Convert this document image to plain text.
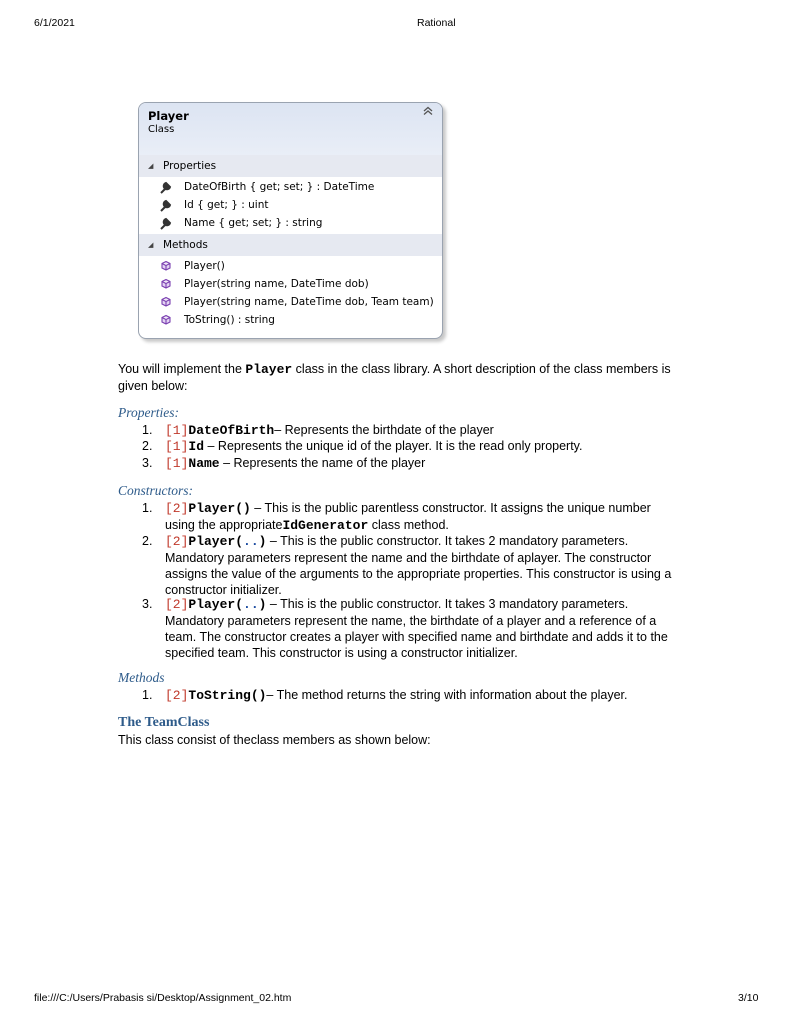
6/1/2021	Rational
Player
Class
◢ Properties
DateOfBirth { get; set; } : DateTime
Id { get; } : uint
Name { get; set; } : string
◢ Methods
Player()
Player(string name, DateTime dob)
Player(string name, DateTime dob, Team team)
ToString() : string
You will implement the Player class in the class library. A short description of the class members is given below:
Properties:
1. [1]DateOfBirth– Represents the birthdate of the player
2. [1]Id – Represents the unique id of the player. It is the read only property.
3. [1]Name – Represents the name of the player
Constructors:
1. [2]Player() – This is the public parentless constructor. It assigns the unique number using the appropriateIdGenerator class method.
2. [2]Player(..) – This is the public constructor. It takes 2 mandatory parameters. Mandatory parameters represent the name and the birthdate of aplayer. The constructor assigns the value of the arguments to the appropriate properties. This constructor is using a constructor initializer.
3. [2]Player(..) – This is the public constructor. It takes 3 mandatory parameters. Mandatory parameters represent the name, the birthdate of a player and a reference of a team. The constructor creates a player with specified name and birthdate and adds it to the specified team. This constructor is using a constructor initializer.
Methods
1. [2]ToString()– The method returns the string with information about the player.
The TeamClass
This class consist of theclass members as shown below:
file:///C:/Users/Prabasis si/Desktop/Assignment_02.htm	3/10
